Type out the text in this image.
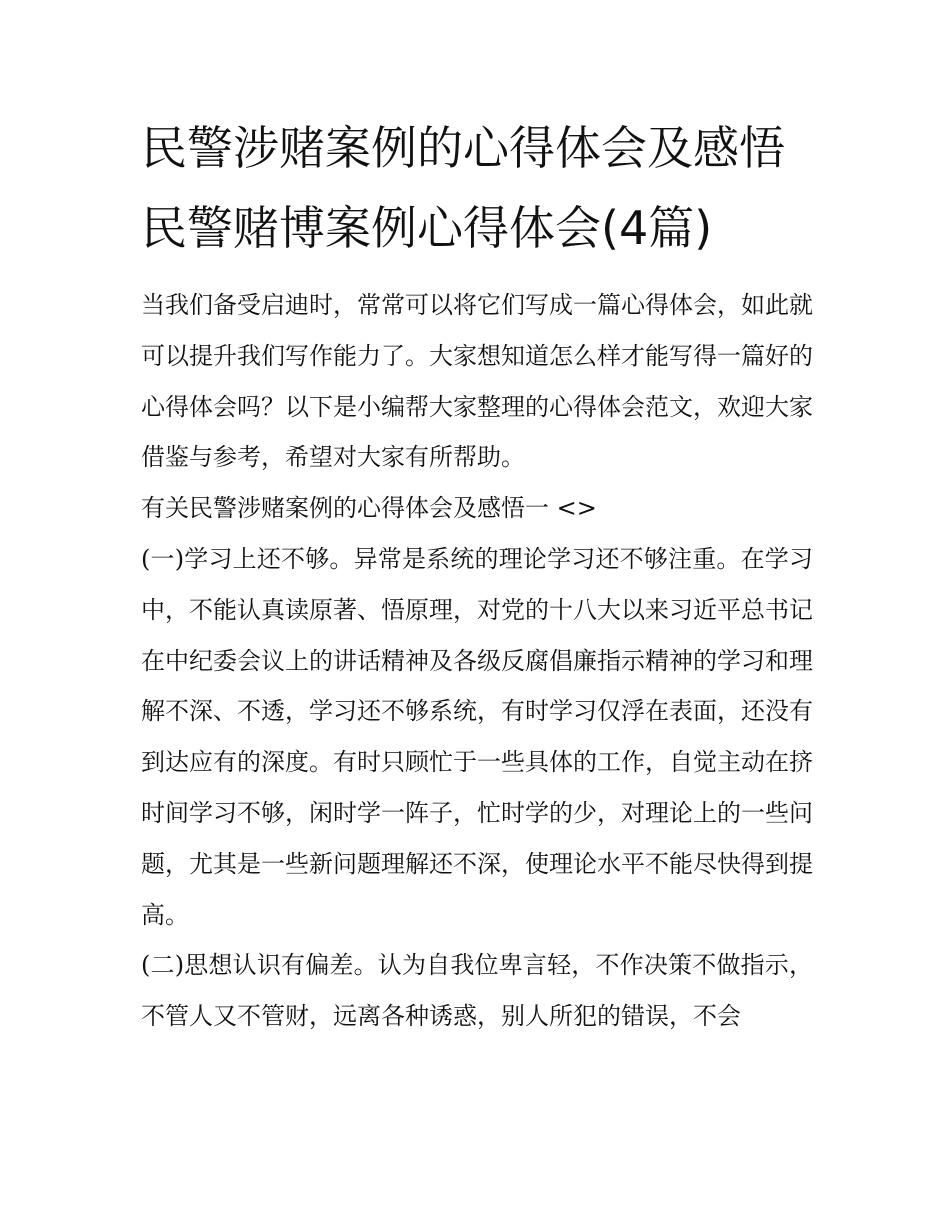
民警涉赌案例的心得体会及感悟 民警赌博案例心得体会(4篇)

当我们备受启迪时，常常可以将它们写成一篇心得体会，如此就可以提升我们写作能力了。大家想知道怎么样才能写得一篇好的心得体会吗？以下是小编帮大家整理的心得体会范文，欢迎大家借鉴与参考，希望对大家有所帮助。

有关民警涉赌案例的心得体会及感悟一 <>

(一)学习上还不够。异常是系统的理论学习还不够注重。在学习中，不能认真读原著、悟原理，对党的十八大以来习近平总书记在中纪委会议上的讲话精神及各级反腐倡廉指示精神的学习和理解不深、不透，学习还不够系统，有时学习仅浮在表面，还没有到达应有的深度。有时只顾忙于一些具体的工作，自觉主动在挤时间学习不够，闲时学一阵子，忙时学的少，对理论上的一些问题，尤其是一些新问题理解还不深，使理论水平不能尽快得到提高。

(二)思想认识有偏差。认为自我位卑言轻，不作决策不做指示，不管人又不管财，远离各种诱惑，别人所犯的错误，不会
